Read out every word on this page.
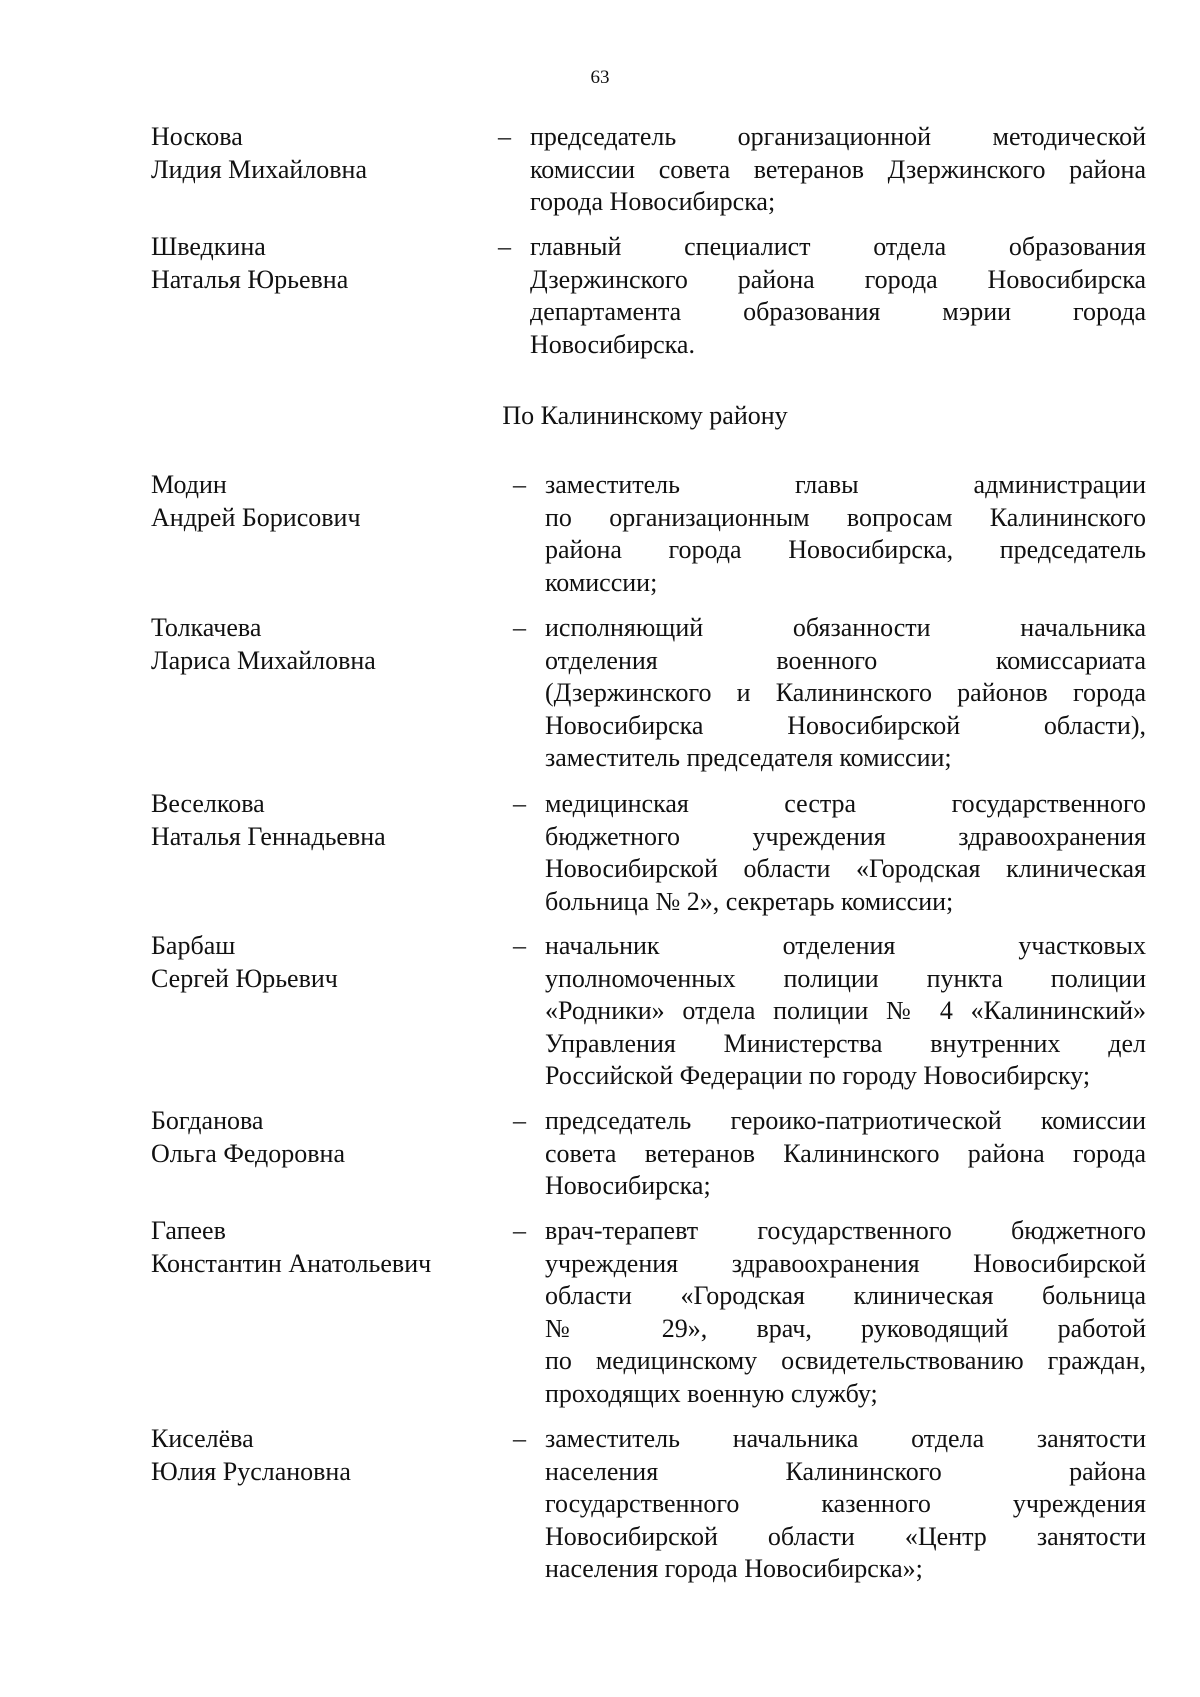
63
Носкова
Лидия Михайловна
– председатель организационной методической
комиссии совета ветеранов Дзержинского района
города Новосибирска;
Шведкина
Наталья Юрьевна
– главный специалист отдела образования
Дзержинского района города Новосибирска
департамента образования мэрии города
Новосибирска.
По Калининскому району
Модин
Андрей Борисович
– заместитель главы администрации
по организационным вопросам Калининского
района города Новосибирска, председатель
комиссии;
Толкачева
Лариса Михайловна
– исполняющий обязанности начальника
отделения военного комиссариата
(Дзержинского и Калининского районов города
Новосибирска Новосибирской области),
заместитель председателя комиссии;
Веселкова
Наталья Геннадьевна
– медицинская сестра государственного
бюджетного учреждения здравоохранения
Новосибирской области «Городская клиническая
больница № 2», секретарь комиссии;
Барбаш
Сергей Юрьевич
– начальник отделения участковых
уполномоченных полиции пункта полиции
«Родники» отдела полиции № 4 «Калининский»
Управления Министерства внутренних дел
Российской Федерации по городу Новосибирску;
Богданова
Ольга Федоровна
– председатель героико-патриотической комиссии
совета ветеранов Калининского района города
Новосибирска;
Гапеев
Константин Анатольевич
– врач-терапевт государственного бюджетного
учреждения здравоохранения Новосибирской
области «Городская клиническая больница
№ 29», врач, руководящий работой
по медицинскому освидетельствованию граждан,
проходящих военную службу;
Киселёва
Юлия Руслановна
– заместитель начальника отдела занятости
населения Калининского района
государственного казенного учреждения
Новосибирской области «Центр занятости
населения города Новосибирска»;
